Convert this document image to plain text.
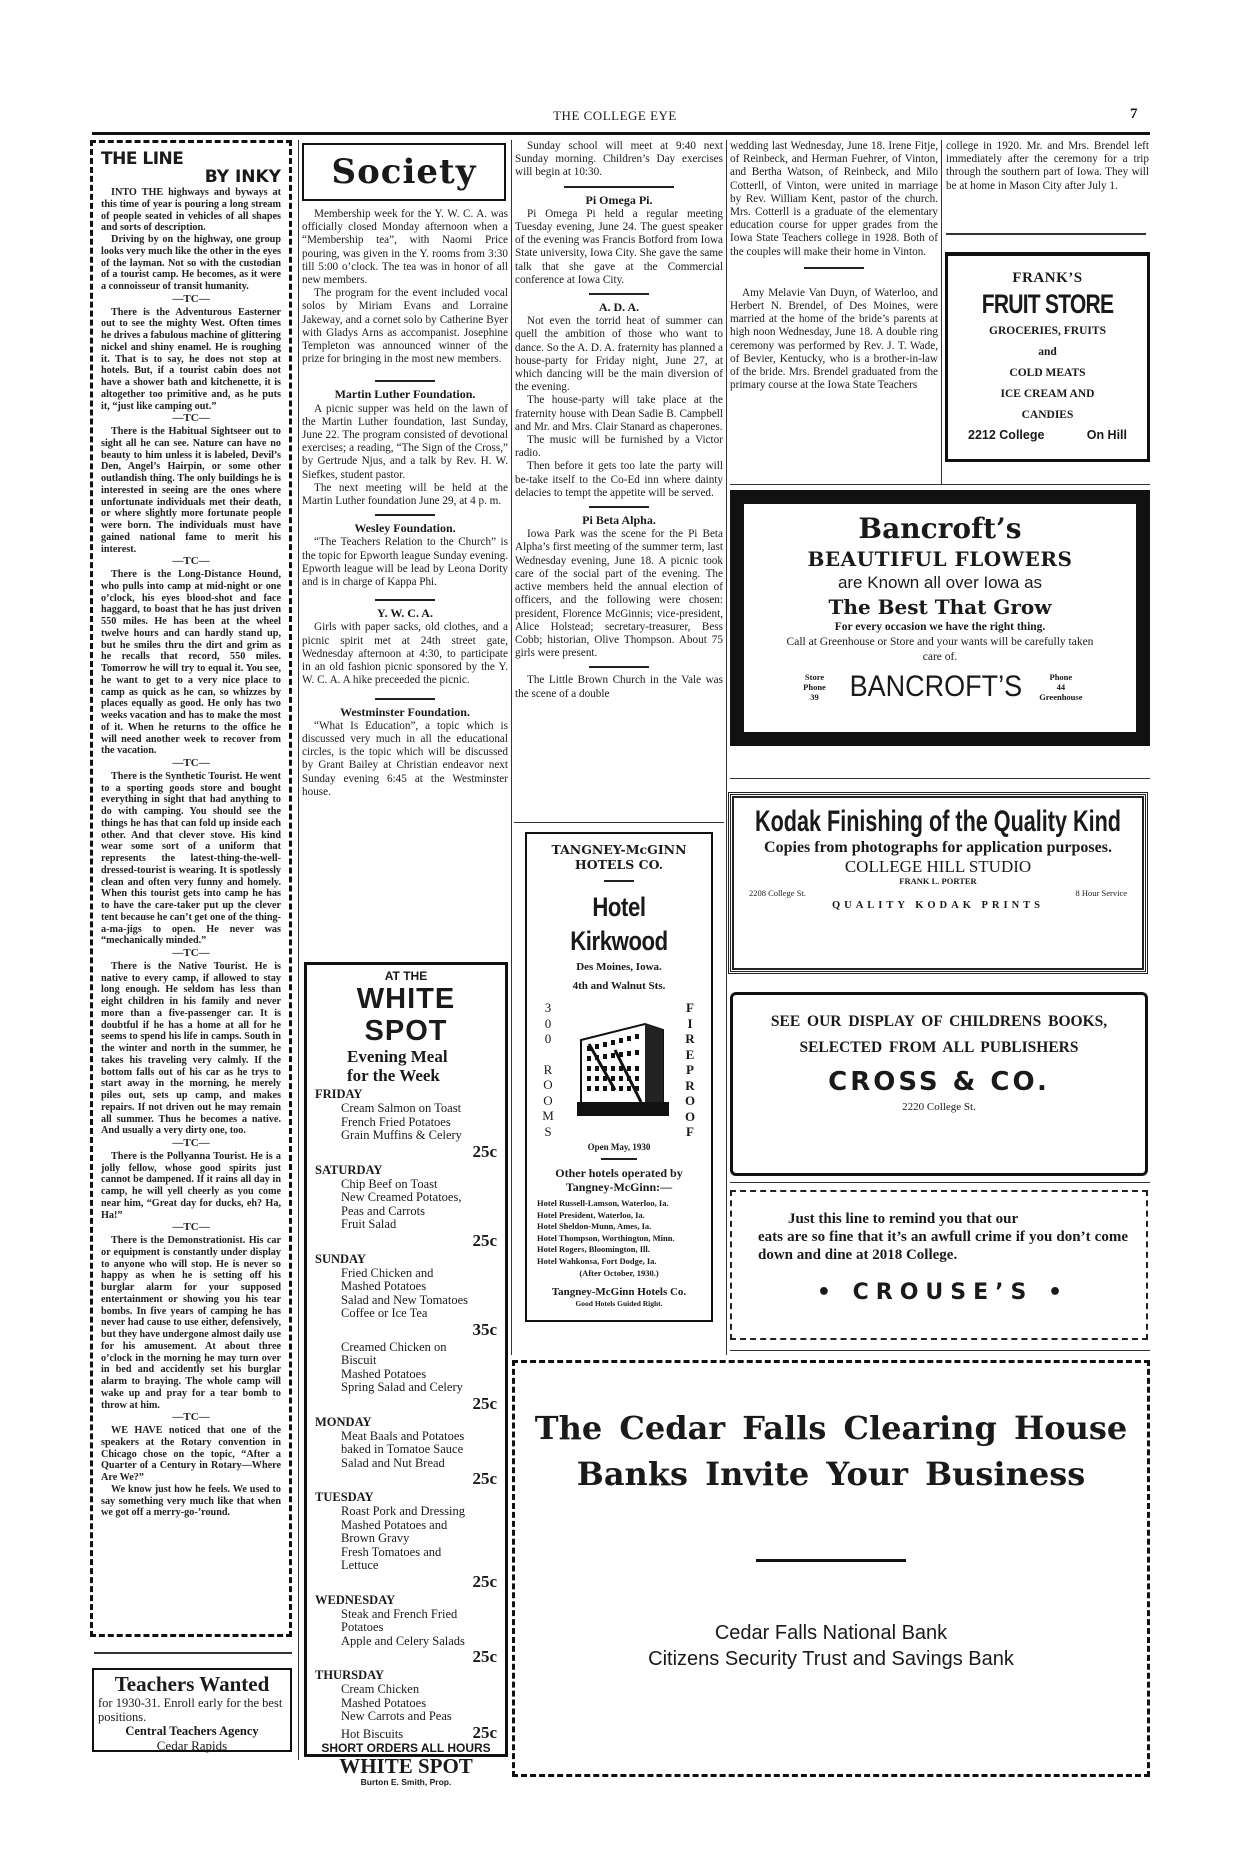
THE COLLEGE EYE	7
THE LINE
BY INKY

INTO THE highways and byways at this time of year is pouring a long stream of people seated in vehicles of all shapes and sorts of description.

Driving by on the highway, one group looks very much like the other in the eyes of the layman. Not so with the custodian of a tourist camp. He becomes, as it were a connoisseur of transit humanity.

—TC—

There is the Adventurous Easterner out to see the mighty West. Often times he drives a fabulous machine of glittering nickel and shiny enamel. He is roughing it. That is to say, he does not stop at hotels. But, if a tourist cabin does not have a shower bath and kitchenette, it is altogether too primitive and, as he puts it, “just like camping out.”

—TC—

There is the Habitual Sightseer out to sight all he can see. Nature can have no beauty to him unless it is labeled, Devil’s Den, Angel’s Hairpin, or some other outlandish thing. The only buildings he is interested in seeing are the ones where unfortunate individuals met their death, or where slightly more fortunate people were born. The individuals must have gained national fame to merit his interest.

—TC—

There is the Long-Distance Hound, who pulls into camp at mid-night or one o’clock, his eyes blood-shot and face haggard, to boast that he has just driven 550 miles. He has been at the wheel twelve hours and can hardly stand up, but he smiles thru the dirt and grim as he recalls that record, 550 miles. Tomorrow he will try to equal it. You see, he want to get to a very nice place to camp as quick as he can, so whizzes by places equally as good. He only has two weeks vacation and has to make the most of it. When he returns to the office he will need another week to recover from the vacation.

—TC—

There is the Synthetic Tourist. He went to a sporting goods store and bought everything in sight that had anything to do with camping. You should see the things he has that can fold up inside each other. And that clever stove. His kind wear some sort of a uniform that represents the latest-thing-the-well-dressed-tourist is wearing. It is spotlessly clean and often very funny and homely. When this tourist gets into camp he has to have the care-taker put up the clever tent because he can’t get one of the thing-a-ma-jigs to open. He never was “mechanically minded.”

—TC—

There is the Native Tourist. He is native to every camp, if allowed to stay long enough. He seldom has less than eight children in his family and never more than a five-passenger car. It is doubtful if he has a home at all for he seems to spend his life in camps. South in the winter and north in the summer, he takes his traveling very calmly. If the bottom falls out of his car as he trys to start away in the morning, he merely piles out, sets up camp, and makes repairs. If not driven out he may remain all summer. Thus he becomes a native. And usually a very dirty one, too.

—TC—

There is the Pollyanna Tourist. He is a jolly fellow, whose good spirits just cannot be dampened. If it rains all day in camp, he will yell cheerly as you come near him, “Great day for ducks, eh? Ha, Ha!”

—TC—

There is the Demonstrationist. His car or equipment is constantly under display to anyone who will stop. He is never so happy as when he is setting off his burglar alarm for your supposed entertainment or showing you his tear bombs. In five years of camping he has never had cause to use either, defensively, but they have undergone almost daily use for his amusement. At about three o’clock in the morning he may turn over in bed and accidently set his burglar alarm to braying. The whole camp will wake up and pray for a tear bomb to throw at him.

—TC—

WE HAVE noticed that one of the speakers at the Rotary convention in Chicago chose on the topic, “After a Quarter of a Century in Rotary—Where Are We?”

We know just how he feels. We used to say something very much like that when we got off a merry-go-’round.

Teachers Wanted
for 1930-31. Enroll early for the best positions.
Central Teachers Agency
Cedar Rapids
Society

Membership week for the Y. W. C. A. was officially closed Monday afternoon when a “Membership tea”, with Naomi Price pouring, was given in the Y. rooms from 3:30 till 5:00 o’clock. The tea was in honor of all new members.

The program for the event included vocal solos by Miriam Evans and Lorraine Jakeway, and a cornet solo by Catherine Byer with Gladys Arns as accompanist. Josephine Templeton was announced winner of the prize for bringing in the most new members.

Martin Luther Foundation.

A picnic supper was held on the lawn of the Martin Luther foundation, last Sunday, June 22. The program consisted of devotional exercises; a reading, “The Sign of the Cross,” by Gertrude Njus, and a talk by Rev. H. W. Siefkes, student pastor.

The next meeting will be held at the Martin Luther foundation June 29, at 4 p. m.

Wesley Foundation.

“The Teachers Relation to the Church” is the topic for Epworth league Sunday evening. Epworth league will be lead by Leona Dority and is in charge of Kappa Phi.

Y. W. C. A.

Girls with paper sacks, old clothes, and a picnic spirit met at 24th street gate, Wednesday afternoon at 4:30, to participate in an old fashion picnic sponsored by the Y. W. C. A. A hike preceeded the picnic.

Westminster Foundation.

“What Is Education”, a topic which is discussed very much in all the educational circles, is the topic which will be discussed by Grant Bailey at Christian endeavor next Sunday evening 6:45 at the Westminster house.

AT THE
WHITE SPOT
Evening Meal
for the Week
FRIDAY
Cream Salmon on Toast
French Fried Potatoes
Grain Muffins & Celery
25c
SATURDAY
Chip Beef on Toast
New Creamed Potatoes,
Peas and Carrots
Fruit Salad
25c
SUNDAY
Fried Chicken and
Mashed Potatoes
Salad and New Tomatoes
Coffee or Ice Tea
35c
Creamed Chicken on
Biscuit
Mashed Potatoes
Spring Salad and Celery
25c
MONDAY
Meat Baals and Potatoes
baked in Tomatoe Sauce
Salad and Nut Bread
25c
TUESDAY
Roast Pork and Dressing
Mashed Potatoes and
Brown Gravy
Fresh Tomatoes and
Lettuce
25c
WEDNESDAY
Steak and French Fried
Potatoes
Apple and Celery Salads
25c
THURSDAY
Cream Chicken
Mashed Potatoes
New Carrots and Peas
Hot Biscuits	25c
SHORT ORDERS ALL HOURS
WHITE SPOT
Burton E. Smith, Prop.

Sunday school will meet at 9:40 next Sunday morning. Children’s Day exercises will begin at 10:30.

Pi Omega Pi.

Pi Omega Pi held a regular meeting Tuesday evening, June 24. The guest speaker of the evening was Francis Botford from Iowa State university, Iowa City. She gave the same talk that she gave at the Commercial conference at Iowa City.

A. D. A.

Not even the torrid heat of summer can quell the ambition of those who want to dance. So the A. D. A. fraternity has planned a house-party for Friday night, June 27, at which dancing will be the main diversion of the evening.

The house-party will take place at the fraternity house with Dean Sadie B. Campbell and Mr. and Mrs. Clair Stanard as chaperones.

The music will be furnished by a Victor radio.

Then before it gets too late the party will be-take itself to the Co-Ed inn where dainty delacies to tempt the appetite will be served.

Pi Beta Alpha.

Iowa Park was the scene for the Pi Beta Alpha’s first meeting of the summer term, last Wednesday evening, June 18. A picnic took care of the social part of the evening. The active members held the annual election of officers, and the following were chosen: president, Florence McGinnis; vice-president, Alice Holstead; secretary-treasurer, Bess Cobb; historian, Olive Thompson. About 75 girls were present.

The Little Brown Church in the Vale was the scene of a double

TANGNEY-McGINN HOTELS CO.
Hotel Kirkwood
Des Moines, Iowa.
4th and Walnut Sts.
3
0
0
R
O
O
M
S
F
I
R
E
P
R
O
O
F
Open May, 1930
Other hotels operated by Tangney-McGinn:—
Hotel Russell-Lamson, Waterloo, Ia.
Hotel President, Waterloo, Ia.
Hotel Sheldon-Munn, Ames, Ia.
Hotel Thompson, Worthington, Minn.
Hotel Rogers, Bloomington, Ill.
Hotel Wahkonsa, Fort Dodge, Ia.
(After October, 1930.)
Tangney-McGinn Hotels Co.
Good Hotels Guided Right.

wedding last Wednesday, June 18. Irene Fitje, of Reinbeck, and Herman Fuehrer, of Vinton, and Bertha Watson, of Reinbeck, and Milo Cotterll, of Vinton, were united in marriage by Rev. William Kent, pastor of the church. Mrs. Cotterll is a graduate of the elementary education course for upper grades from the Iowa State Teachers college in 1928. Both of the couples will make their home in Vinton.

Amy Melavie Van Duyn, of Waterloo, and Herbert N. Brendel, of Des Moines, were married at the home of the bride’s parents at high noon Wednesday, June 18. A double ring ceremony was performed by Rev. J. T. Wade, of Bevier, Kentucky, who is a brother-in-law of the bride. Mrs. Brendel graduated from the primary course at the Iowa State Teachers

college in 1920. Mr. and Mrs. Brendel left immediately after the ceremony for a trip through the southern part of Iowa. They will be at home in Mason City after July 1.

FRANK’S
FRUIT STORE
GROCERIES, FRUITS
and
COLD MEATS
ICE CREAM AND
CANDIES
2212 College	On Hill
Bancroft’s
BEAUTIFUL FLOWERS
are Known all over Iowa as
The Best That Grow
For every occasion we have the right thing.
Call at Greenhouse or Store and your wants will be carefully taken care of.
Store Phone
39	BANCROFT’S	Phone
44
Greenhouse
Kodak Finishing of the Quality Kind
Copies from photographs for application purposes.
COLLEGE HILL STUDIO
FRANK L. PORTER
2208 College St.	8 Hour Service
QUALITY KODAK PRINTS
SEE OUR DISPLAY OF CHILDRENS BOOKS, SELECTED FROM ALL PUBLISHERS
CROSS & CO.
2220 College St.
Just this line to remind you that our
eats are so fine that it’s an awfull crime if you don’t come down and dine at 2018 College.
• CROUSE’S •
The Cedar Falls Clearing House
Banks Invite Your Business
Cedar Falls National Bank
Citizens Security Trust and Savings Bank
